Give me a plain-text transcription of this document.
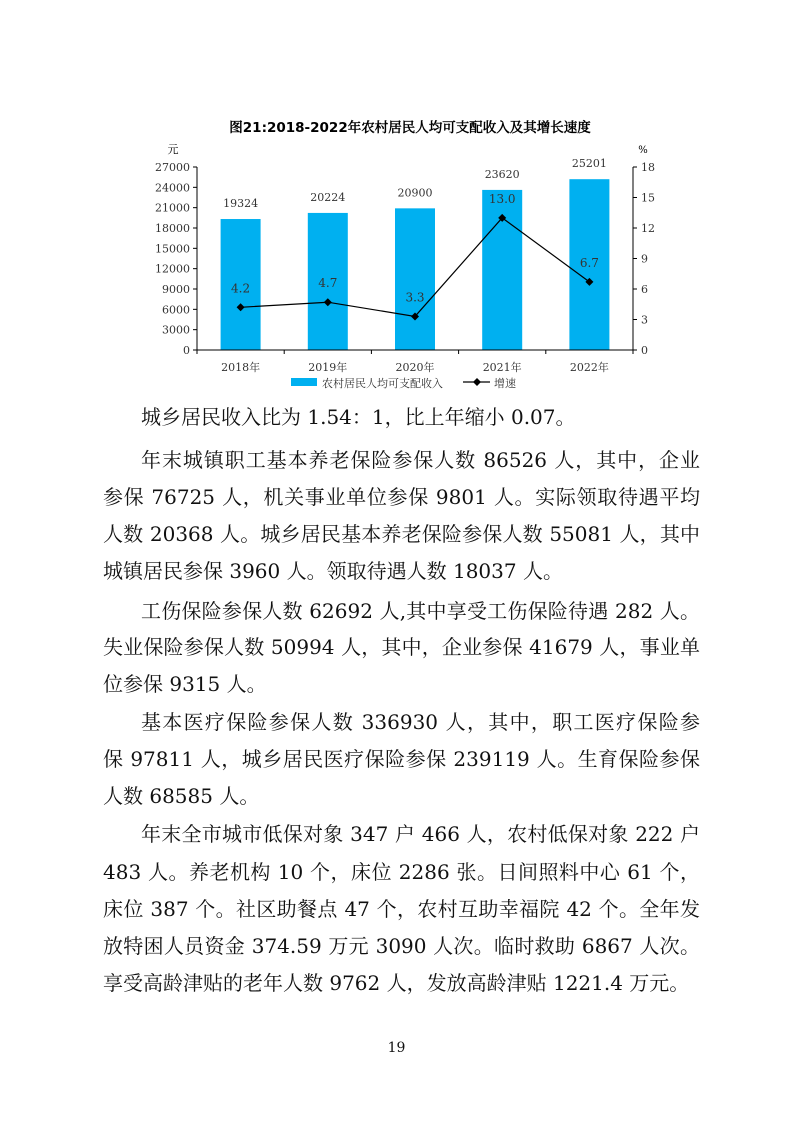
图21:2018-2022年农村居民人均可支配收入及其增长速度
元	%
19324	20224	20900
23620
25201
0
3000
6000
9000
12000
15000
18000
21000
24000
27000
0
3
6
9
12
15
18
2018年	2019年	2020年	2021年	2022年
4.2	4.7
3.3
13.0
6.7
农村居民人均可支配收入	增速
城乡居民收入比为 1.54：1，比上年缩小 0.07。
年末城镇职工基本养老保险参保人数 86526 人，其中，企业
参保 76725 人，机关事业单位参保 9801 人。实际领取待遇平均
人数 20368 人。城乡居民基本养老保险参保人数 55081 人，其中
城镇居民参保 3960 人。领取待遇人数 18037 人。
工伤保险参保人数 62692 人,其中享受工伤保险待遇 282 人。
失业保险参保人数 50994 人，其中，企业参保 41679 人，事业单
位参保 9315 人。
基本医疗保险参保人数 336930 人，其中，职工医疗保险参
保 97811 人，城乡居民医疗保险参保 239119 人。生育保险参保
人数 68585 人。
年末全市城市低保对象 347 户 466 人，农村低保对象 222 户
483 人。养老机构 10 个，床位 2286 张。日间照料中心 61 个，
床位 387 个。社区助餐点 47 个，农村互助幸福院 42 个。全年发
放特困人员资金 374.59 万元 3090 人次。临时救助 6867 人次。
享受高龄津贴的老年人数 9762 人，发放高龄津贴 1221.4 万元。
19
